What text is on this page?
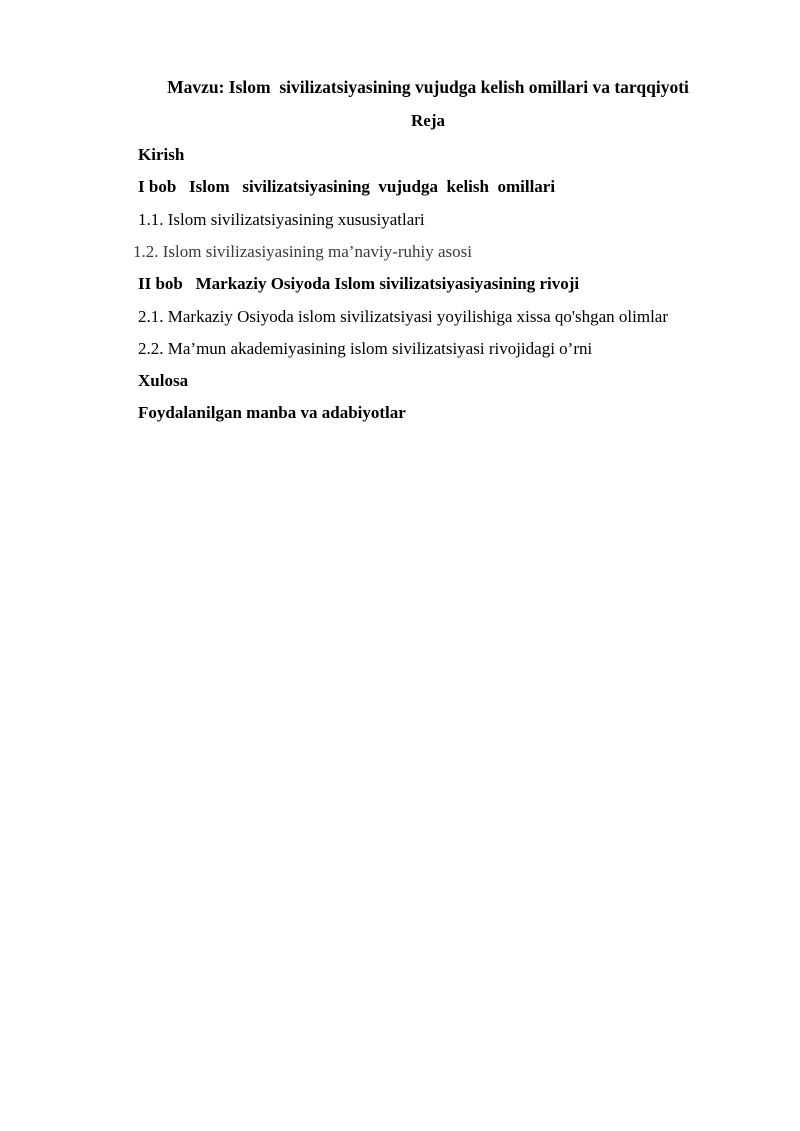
Mavzu: Islom  sivilizatsiyasining vujudga kelish omillari va tarqqiyoti
Reja
Kirish
I bob   Islom   sivilizatsiyasining  vujudga  kelish  omillari
1.1. Islom sivilizatsiyasining xususiyatlari
1.2. Islom sivilizasiyasining ma’naviy-ruhiy asosi
II bob   Markaziy Osiyoda Islom sivilizatsiyasiyasining rivoji
2.1. Markaziy Osiyoda islom sivilizatsiyasi yoyilishiga xissa qo'shgan olimlar
2.2. Ma’mun akademiyasining islom sivilizatsiyasi rivojidagi o’rni
Xulosa
Foydalanilgan manba va adabiyotlar
